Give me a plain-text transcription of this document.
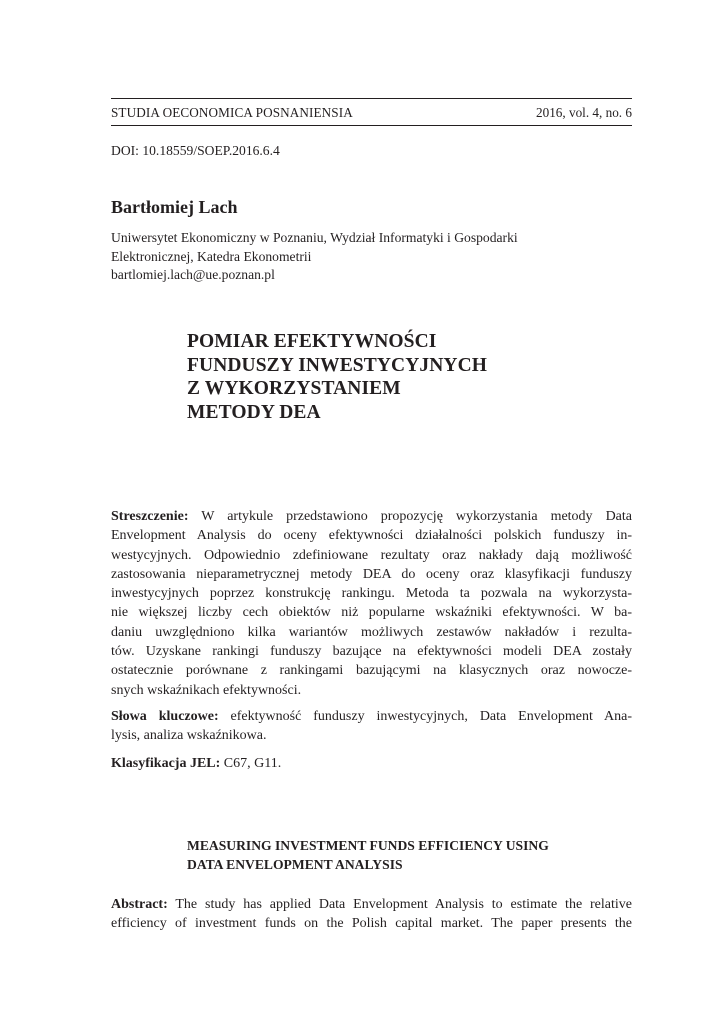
STUDIA OECONOMICA POSNANIENSIA	2016, vol. 4, no. 6
DOI: 10.18559/SOEP.2016.6.4
Bartłomiej Lach
Uniwersytet Ekonomiczny w Poznaniu, Wydział Informatyki i Gospodarki
Elektronicznej, Katedra Ekonometrii
bartlomiej.lach@ue.poznan.pl
POMIAR EFEKTYWNOŚCI
FUNDUSZY INWESTYCYJNYCH
Z WYKORZYSTANIEM
METODY DEA
Streszczenie: W artykule przedstawiono propozycję wykorzystania metody Data
Envelopment Analysis do oceny efektywności działalności polskich funduszy in-
westycyjnych. Odpowiednio zdefiniowane rezultaty oraz nakłady dają możliwość
zastosowania nieparametrycznej metody DEA do oceny oraz klasyfikacji funduszy
inwestycyjnych poprzez konstrukcję rankingu. Metoda ta pozwala na wykorzysta-
nie większej liczby cech obiektów niż popularne wskaźniki efektywności. W ba-
daniu uwzględniono kilka wariantów możliwych zestawów nakładów i rezulta-
tów. Uzyskane rankingi funduszy bazujące na efektywności modeli DEA zostały
ostatecznie porównane z rankingami bazującymi na klasycznych oraz nowocze-
snych wskaźnikach efektywności.
Słowa kluczowe: efektywność funduszy inwestycyjnych, Data Envelopment Ana-
lysis, analiza wskaźnikowa.
Klasyfikacja JEL: C67, G11.
MEASURING INVESTMENT FUNDS EFFICIENCY USING
DATA ENVELOPMENT ANALYSIS
Abstract: The study has applied Data Envelopment Analysis to estimate the relative
efficiency of investment funds on the Polish capital market. The paper presents the
